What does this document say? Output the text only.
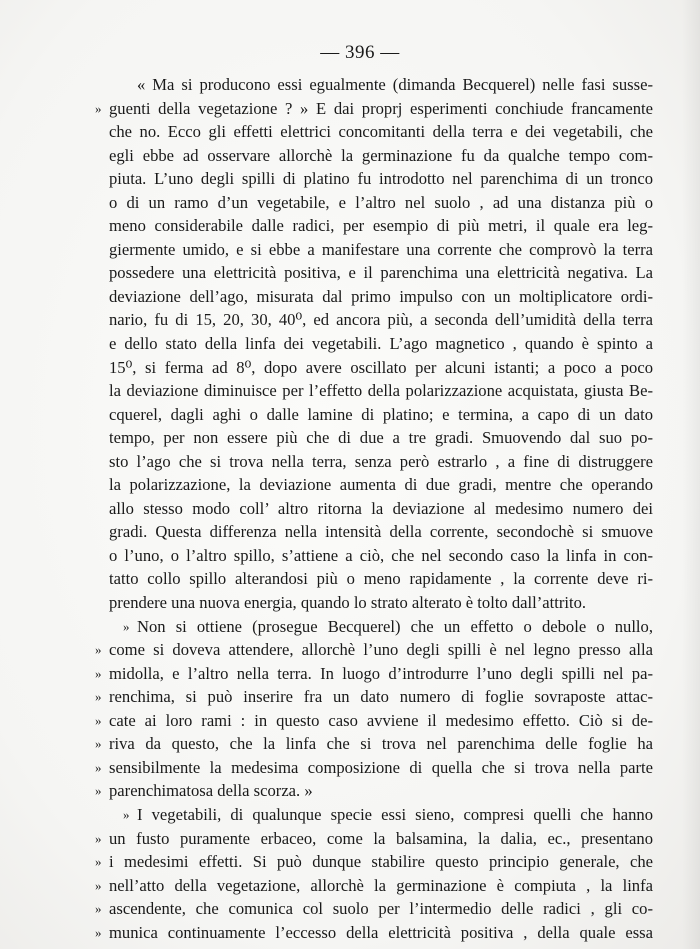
— 396 —
« Ma si producono essi egualmente (dimanda Becquerel) nelle fasi susse-
» guenti della vegetazione ? » E dai proprj esperimenti conchiude francamente
che no. Ecco gli effetti elettrici concomitanti della terra e dei vegetabili, che
egli ebbe ad osservare allorchè la germinazione fu da qualche tempo com-
piuta. L’uno degli spilli di platino fu introdotto nel parenchima di un tronco
o di un ramo d’un vegetabile, e l’altro nel suolo , ad una distanza più o
meno considerabile dalle radici, per esempio di più metri, il quale era leg-
giermente umido, e si ebbe a manifestare una corrente che comprovò la terra
possedere una elettricità positiva, e il parenchima una elettricità negativa. La
deviazione dell’ago, misurata dal primo impulso con un moltiplicatore ordi-
nario, fu di 15, 20, 30, 40⁰, ed ancora più, a seconda dell’umidità della terra
e dello stato della linfa dei vegetabili. L’ago magnetico , quando è spinto a
15⁰, si ferma ad 8⁰, dopo avere oscillato per alcuni istanti; a poco a poco
la deviazione diminuisce per l’effetto della polarizzazione acquistata, giusta Be-
cquerel, dagli aghi o dalle lamine di platino; e termina, a capo di un dato
tempo, per non essere più che di due a tre gradi. Smuovendo dal suo po-
sto l’ago che si trova nella terra, senza però estrarlo , a fine di distruggere
la polarizzazione, la deviazione aumenta di due gradi, mentre che operando
allo stesso modo coll’ altro ritorna la deviazione al medesimo numero dei
gradi. Questa differenza nella intensità della corrente, secondochè si smuove
o l’uno, o l’altro spillo, s’attiene a ciò, che nel secondo caso la linfa in con-
tatto collo spillo alterandosi più o meno rapidamente , la corrente deve ri-
prendere una nuova energia, quando lo strato alterato è tolto dall’attrito.
» Non si ottiene (prosegue Becquerel) che un effetto o debole o nullo,
» come si doveva attendere, allorchè l’uno degli spilli è nel legno presso alla
» midolla, e l’altro nella terra. In luogo d’introdurre l’uno degli spilli nel pa-
» renchima, si può inserire fra un dato numero di foglie sovraposte attac-
» cate ai loro rami : in questo caso avviene il medesimo effetto. Ciò si de-
» riva da questo, che la linfa che si trova nel parenchima delle foglie ha
» sensibilmente la medesima composizione di quella che si trova nella parte
» parenchimatosa della scorza. »
» I vegetabili, di qualunque specie essi sieno, compresi quelli che hanno
» un fusto puramente erbaceo, come la balsamina, la dalia, ec., presentano
» i medesimi effetti. Si può dunque stabilire questo principio generale, che
» nell’atto della vegetazione, allorchè la germinazione è compiuta , la linfa
» ascendente, che comunica col suolo per l’intermedio delle radici , gli co-
» munica continuamente l’eccesso della elettricità positiva , della quale essa
